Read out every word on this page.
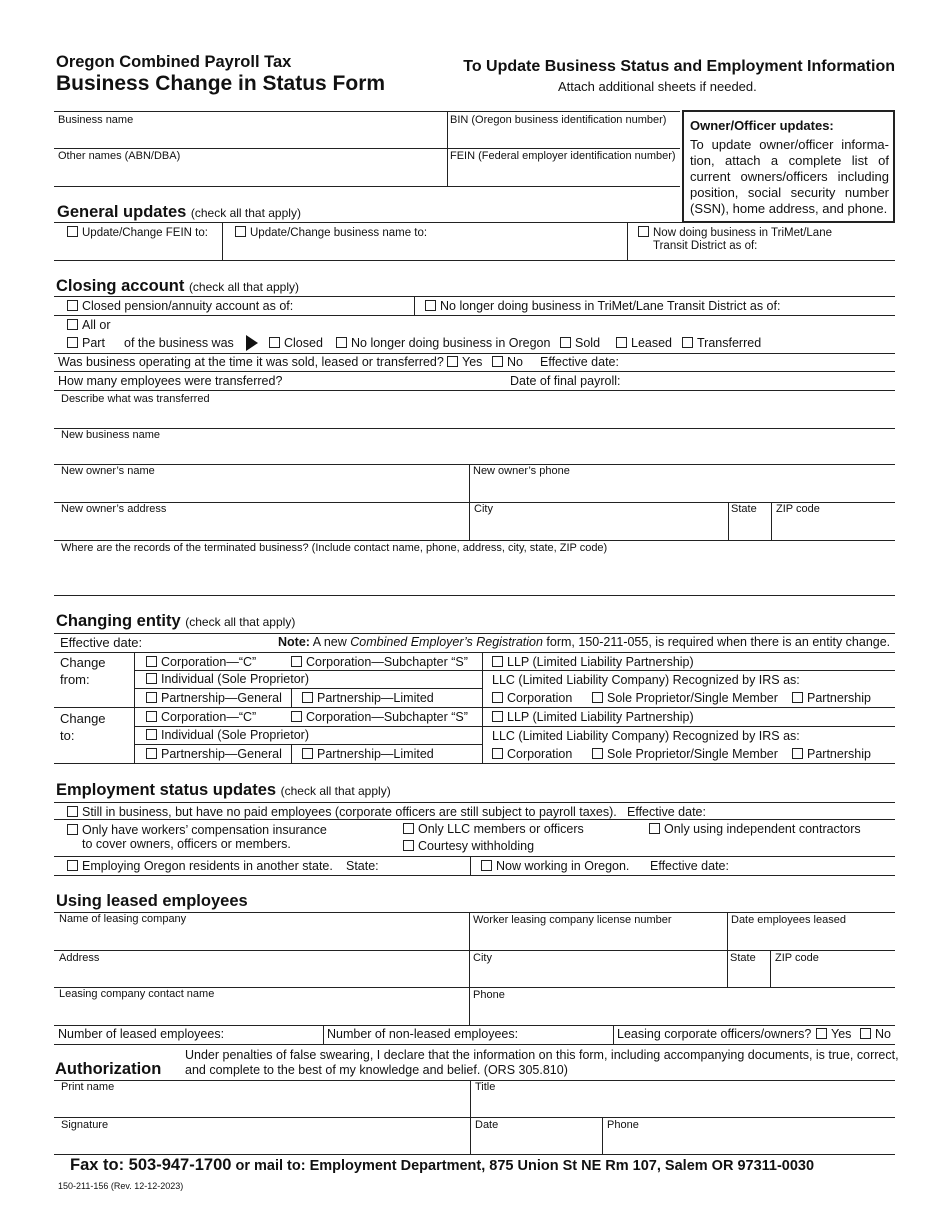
Oregon Combined Payroll Tax
Business Change in Status Form
To Update Business Status and Employment Information
Attach additional sheets if needed.
Business name	BIN (Oregon business identification number)
Other names (ABN/DBA)	FEIN (Federal employer identification number)
Owner/Officer updates:
To update owner/officer informa-
tion, attach a complete list of
current owners/officers including
position, social security number
(SSN), home address, and phone.
General updates (check all that apply)
Update/Change FEIN to:	Update/Change business name to:	Now doing business in TriMet/Lane
Transit District as of:
Closing account (check all that apply)
Closed pension/annuity account as of:	No longer doing business in TriMet/Lane Transit District as of:
All or
Part of the business was	Closed	No longer doing business in Oregon	Sold	Leased	Transferred
Was business operating at the time it was sold, leased or transferred?	Yes	No Effective date:
How many employees were transferred?	Date of final payroll:
Describe what was transferred
New business name
New owner’s name	New owner’s phone
New owner’s address	City	State ZIP code
Where are the records of the terminated business? (Include contact name, phone, address, city, state, ZIP code)
Changing entity (check all that apply)
Effective date:	Note: A new Combined Employer’s Registration form, 150-211-055, is required when there is an entity change.
Change
from:
Corporation—“C”	Corporation—Subchapter “S”	LLP (Limited Liability Partnership)
Individual (Sole Proprietor)	LLC (Limited Liability Company) Recognized by IRS as:
Partnership—General	Partnership—Limited	Corporation	Sole Proprietor/Single Member	Partnership
Change
to:
Corporation—“C”	Corporation—Subchapter “S”	LLP (Limited Liability Partnership)
Individual (Sole Proprietor)	LLC (Limited Liability Company) Recognized by IRS as:
Partnership—General	Partnership—Limited	Corporation	Sole Proprietor/Single Member	Partnership
Employment status updates (check all that apply)
Still in business, but have no paid employees (corporate officers are still subject to payroll taxes). Effective date:
Only have workers’ compensation insurance
to cover owners, officers or members.
Only LLC members or officers	Only using independent contractors
Courtesy withholding
Employing Oregon residents in another state. State:	Now working in Oregon. Effective date:
Using leased employees
Name of leasing company	Worker leasing company license number	Date employees leased
Address	City	State ZIP code
Leasing company contact name	Phone
Number of leased employees:	Number of non-leased employees:	Leasing corporate officers/owners?	Yes	No
Authorization
Under penalties of false swearing, I declare that the information on this form, including accompanying documents, is true, correct,
and complete to the best of my knowledge and belief. (ORS 305.810)
Print name	Title
Signature	Date	Phone
Fax to: 503-947-1700 or mail to: Employment Department, 875 Union St NE Rm 107, Salem OR 97311-0030
150-211-156 (Rev. 12-12-2023)
